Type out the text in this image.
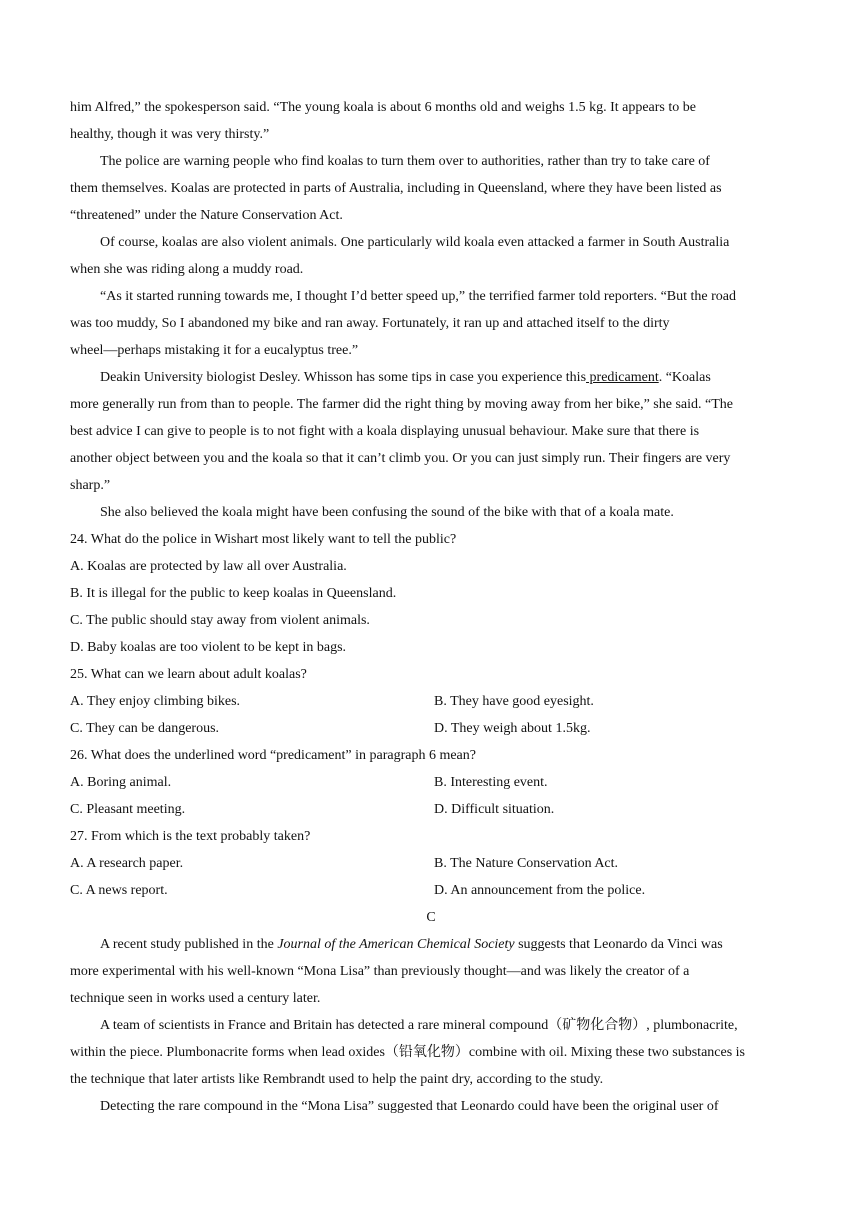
him Alfred,” the spokesperson said. “The young koala is about 6 months old and weighs 1.5 kg. It appears to be
healthy, though it was very thirsty.”
The police are warning people who find koalas to turn them over to authorities, rather than try to take care of
them themselves. Koalas are protected in parts of Australia, including in Queensland, where they have been listed as
“threatened” under the Nature Conservation Act.
Of course, koalas are also violent animals. One particularly wild koala even attacked a farmer in South Australia
when she was riding along a muddy road.
“As it started running towards me, I thought I’d better speed up,” the terrified farmer told reporters. “But the road
was too muddy, So I abandoned my bike and ran away. Fortunately, it ran up and attached itself to the dirty
wheel—perhaps mistaking it for a eucalyptus tree.”
Deakin University biologist Desley. Whisson has some tips in case you experience this predicament. “Koalas
more generally run from than to people. The farmer did the right thing by moving away from her bike,” she said. “The
best advice I can give to people is to not fight with a koala displaying unusual behaviour. Make sure that there is
another object between you and the koala so that it can’t climb you. Or you can just simply run. Their fingers are very
sharp.”
She also believed the koala might have been confusing the sound of the bike with that of a koala mate.
24. What do the police in Wishart most likely want to tell the public?
A. Koalas are protected by law all over Australia.
B. It is illegal for the public to keep koalas in Queensland.
C. The public should stay away from violent animals.
D. Baby koalas are too violent to be kept in bags.
25. What can we learn about adult koalas?
A. They enjoy climbing bikes.	B. They have good eyesight.
C. They can be dangerous.	D. They weigh about 1.5kg.
26. What does the underlined word “predicament” in paragraph 6 mean?
A. Boring animal.	B. Interesting event.
C. Pleasant meeting.	D. Difficult situation.
27. From which is the text probably taken?
A. A research paper.	B. The Nature Conservation Act.
C. A news report.	D. An announcement from the police.
C
A recent study published in the Journal of the American Chemical Society suggests that Leonardo da Vinci was
more experimental with his well-known “Mona Lisa” than previously thought—and was likely the creator of a
technique seen in works used a century later.
A team of scientists in France and Britain has detected a rare mineral compound（矿物化合物）, plumbonacrite,
within the piece. Plumbonacrite forms when lead oxides（铅氧化物）combine with oil. Mixing these two substances is
the technique that later artists like Rembrandt used to help the paint dry, according to the study.
Detecting the rare compound in the “Mona Lisa” suggested that Leonardo could have been the original user of
